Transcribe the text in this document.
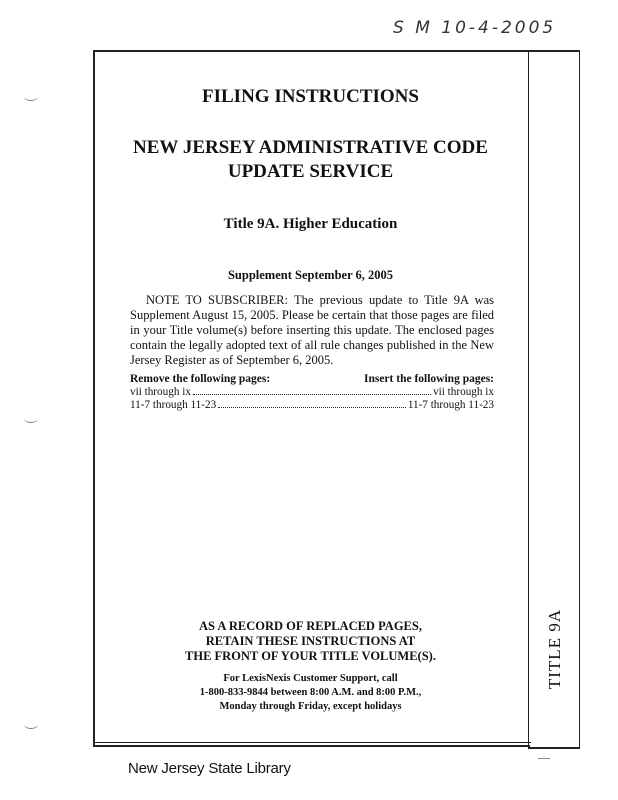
S M 10-4-2005
TITLE 9A
FILING INSTRUCTIONS
NEW JERSEY ADMINISTRATIVE CODE
UPDATE SERVICE
Title 9A. Higher Education
Supplement September 6, 2005
NOTE TO SUBSCRIBER: The previous update to Title 9A was Supplement August 15, 2005. Please be certain that those pages are filed in your Title volume(s) before inserting this update. The enclosed pages contain the legally adopted text of all rule changes published in the New Jersey Register as of September 6, 2005.
Remove the following pages:	Insert the following pages:
vii through ix	vii through ix
11-7 through 11-23	11-7 through 11-23
AS A RECORD OF REPLACED PAGES,
RETAIN THESE INSTRUCTIONS AT
THE FRONT OF YOUR TITLE VOLUME(S).
For LexisNexis Customer Support, call
1-800-833-9844 between 8:00 A.M. and 8:00 P.M.,
Monday through Friday, except holidays
New Jersey State Library
